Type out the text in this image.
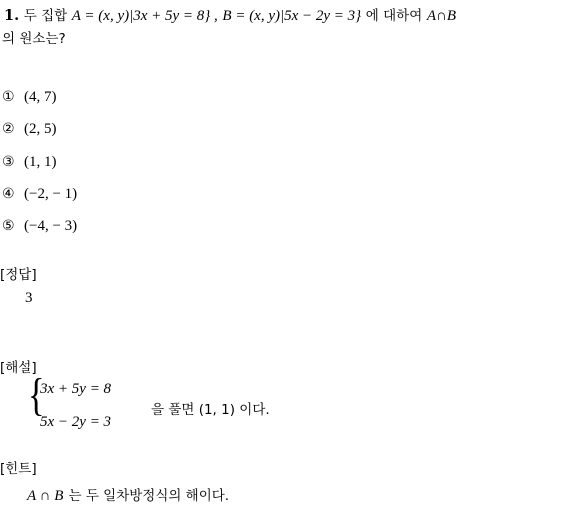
1. 두 집합 A = (x, y)|3x + 5y = 8} , B = (x, y)|5x − 2y = 3} 에 대하여 A∩B
의 원소는?
① (4, 7)
② (2, 5)
③ (1, 1)
④ (−2, − 1)
⑤ (−4, − 3)
[정답]
3
[해설]
{
3x + 5y = 8
5x − 2y = 3
을 풀면 (1, 1) 이다.
[힌트]
A ∩ B 는 두 일차방정식의 해이다.
